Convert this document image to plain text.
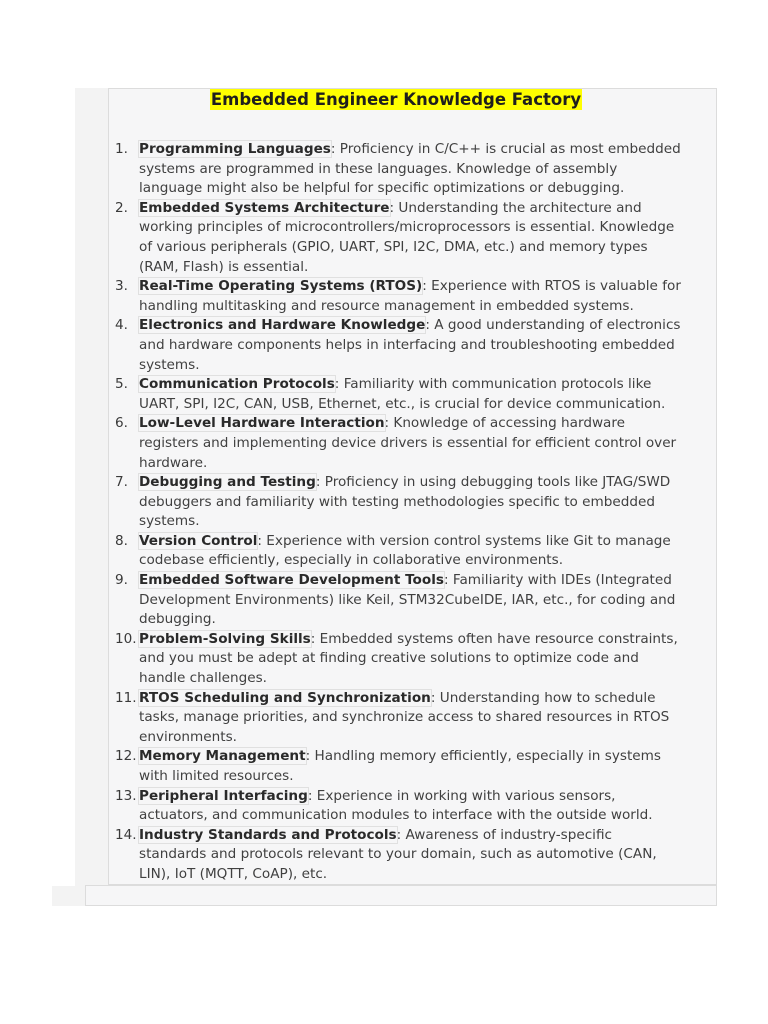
Embedded Engineer Knowledge Factory
1. Programming Languages: Proficiency in C/C++ is crucial as most embedded systems are programmed in these languages. Knowledge of assembly language might also be helpful for specific optimizations or debugging.
2. Embedded Systems Architecture: Understanding the architecture and working principles of microcontrollers/microprocessors is essential. Knowledge of various peripherals (GPIO, UART, SPI, I2C, DMA, etc.) and memory types (RAM, Flash) is essential.
3. Real-Time Operating Systems (RTOS): Experience with RTOS is valuable for handling multitasking and resource management in embedded systems.
4. Electronics and Hardware Knowledge: A good understanding of electronics and hardware components helps in interfacing and troubleshooting embedded systems.
5. Communication Protocols: Familiarity with communication protocols like UART, SPI, I2C, CAN, USB, Ethernet, etc., is crucial for device communication.
6. Low-Level Hardware Interaction: Knowledge of accessing hardware registers and implementing device drivers is essential for efficient control over hardware.
7. Debugging and Testing: Proficiency in using debugging tools like JTAG/SWD debuggers and familiarity with testing methodologies specific to embedded systems.
8. Version Control: Experience with version control systems like Git to manage codebase efficiently, especially in collaborative environments.
9. Embedded Software Development Tools: Familiarity with IDEs (Integrated Development Environments) like Keil, STM32CubeIDE, IAR, etc., for coding and debugging.
10. Problem-Solving Skills: Embedded systems often have resource constraints, and you must be adept at finding creative solutions to optimize code and handle challenges.
11. RTOS Scheduling and Synchronization: Understanding how to schedule tasks, manage priorities, and synchronize access to shared resources in RTOS environments.
12. Memory Management: Handling memory efficiently, especially in systems with limited resources.
13. Peripheral Interfacing: Experience in working with various sensors, actuators, and communication modules to interface with the outside world.
14. Industry Standards and Protocols: Awareness of industry-specific standards and protocols relevant to your domain, such as automotive (CAN, LIN), IoT (MQTT, CoAP), etc.
